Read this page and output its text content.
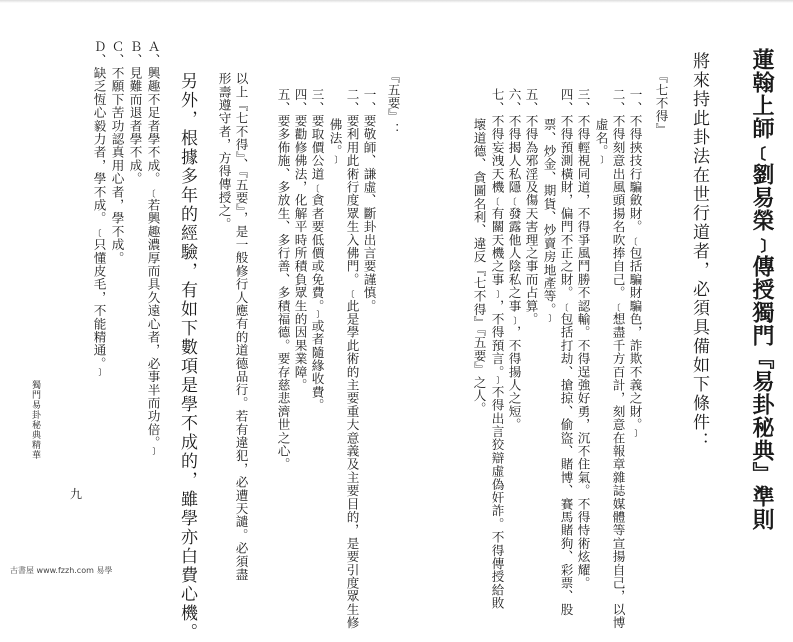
蓮翰上師﹝劉易榮﹞傳授獨門『易卦秘典』準則
將來持此卦法在世行道者，必須具備如下條件：
『七不得』
一、不得挾技行騙斂財。﹝包括騙財騙色，詐欺不義之財。﹞
二、不得刻意出風頭揚名吹捧自己。﹝想盡千方百計，刻意在報章雜誌媒體等宣揚自己，以博
虛名。﹞
三、不得輕視同道，不得爭風鬥勝不認輸。不得逞強好勇，沉不住氣。不得恃術炫耀。
四、不得預測橫財，偏門不正之財。﹝包括打劫、搶掠、偷盜、賭博、賽馬賭狗、彩票、股
票、炒金、期貨、炒賣房地產等。﹞
五、不得為邪淫及傷天害理之事而占算。
六、不得揭人私隱﹝發露他人陰私之事﹞，不得揚人之短。
七、不得妄洩天機﹝有關天機之事﹞，不得預言。﹞不得出言狡辯虛偽奸詐。不得傳授給敗
壞道德、貪圖名利、違反『七不得』『五要』之人。
『五要』：
一、要敬師、謙虛、斷卦出言要謹慎。
二、要利用此術行度眾生入佛門。﹝此是學此術的主要重大意義及主要目的，是要引度眾生修
佛法。﹞
三、要取價公道﹝貪者要低價或免費。﹞或者隨緣收費。
四、要勸修佛法，化解平時所積負眾生的因果業障。
五、要多佈施、多放生、多行善、多積福德。要存慈悲濟世之心。
以上『七不得』、『五要』，是一般修行人應有的道德品行。若有違犯，必遭天譴。必須盡
形壽遵守者，方得傳授之。
另外，根據多年的經驗，有如下數項是學不成的，雖學亦白費心機。
Ａ、興趣不足者學不成。﹝若興趣濃厚而具久遠心者，必事半而功倍。﹞
Ｂ、見難而退者學不成。
Ｃ、不願下苦功認真用心者，學不成。
Ｄ、缺乏恆心毅力者，學不成。﹝只懂皮毛，不能精通。﹞
獨門易卦秘典精華
九
古書屋 www.fzzh.com 易學
